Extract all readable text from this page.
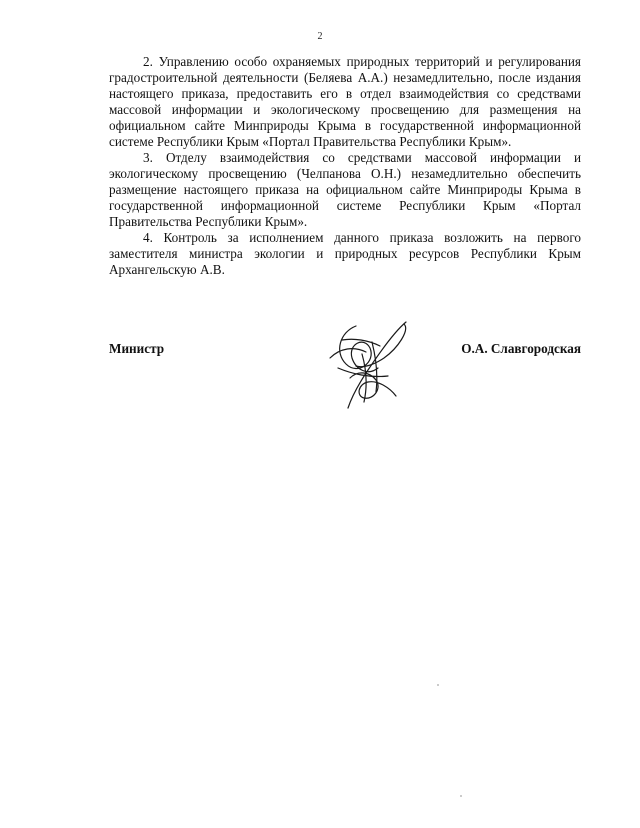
2

2. Управлению особо охраняемых природных территорий и регулирования градостроительной деятельности (Беляева А.А.) незамедлительно, после издания настоящего приказа, предоставить его в отдел взаимодействия со средствами массовой информации и экологическому просвещению для размещения на официальном сайте Минприроды Крыма в государственной информационной системе Республики Крым «Портал Правительства Республики Крым».

3. Отделу взаимодействия со средствами массовой информации и экологическому просвещению (Челпанова О.Н.) незамедлительно обеспечить размещение настоящего приказа на официальном сайте Минприроды Крыма в государственной информационной системе Республики Крым «Портал Правительства Республики Крым».

4. Контроль за исполнением данного приказа возложить на первого заместителя министра экологии и природных ресурсов Республики Крым Архангельскую А.В.

Министр	О.А. Славгородская
